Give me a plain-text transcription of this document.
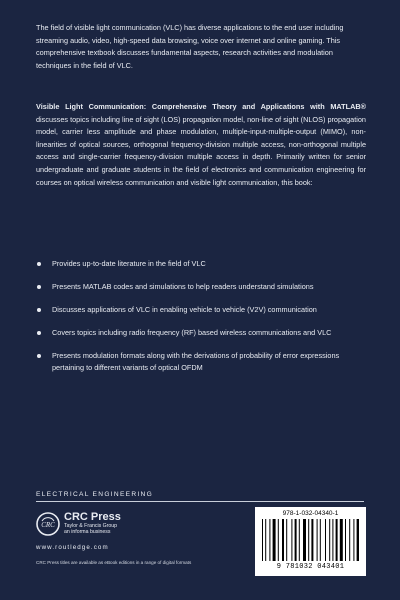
The field of visible light communication (VLC) has diverse applications to the end user including streaming audio, video, high-speed data browsing, voice over internet and online gaming. This comprehensive textbook discusses fundamental aspects, research activities and modulation techniques in the field of VLC.

Visible Light Communication: Comprehensive Theory and Applications with MATLAB® discusses topics including line of sight (LOS) propagation model, non-line of sight (NLOS) propagation model, carrier less amplitude and phase modulation, multiple-input-multiple-output (MIMO), non-linearities of optical sources, orthogonal frequency-division multiple access, non-orthogonal multiple access and single-carrier frequency-division multiple access in depth. Primarily written for senior undergraduate and graduate students in the field of electronics and communication engineering for courses on optical wireless communication and visible light communication, this book:

Provides up-to-date literature in the field of VLC
Presents MATLAB codes and simulations to help readers understand simulations
Discusses applications of VLC in enabling vehicle to vehicle (V2V) communication
Covers topics including radio frequency (RF) based wireless communications and VLC
Presents modulation formats along with the derivations of probability of error expressions pertaining to different variants of optical OFDM
ELECTRICAL ENGINEERING
CRC
CRC Press
Taylor & Francis Group
an informa business
www.routledge.com
CRC Press titles are available as eBook editions in a range of digital formats
978-1-032-04340-1
9 781032 043401
